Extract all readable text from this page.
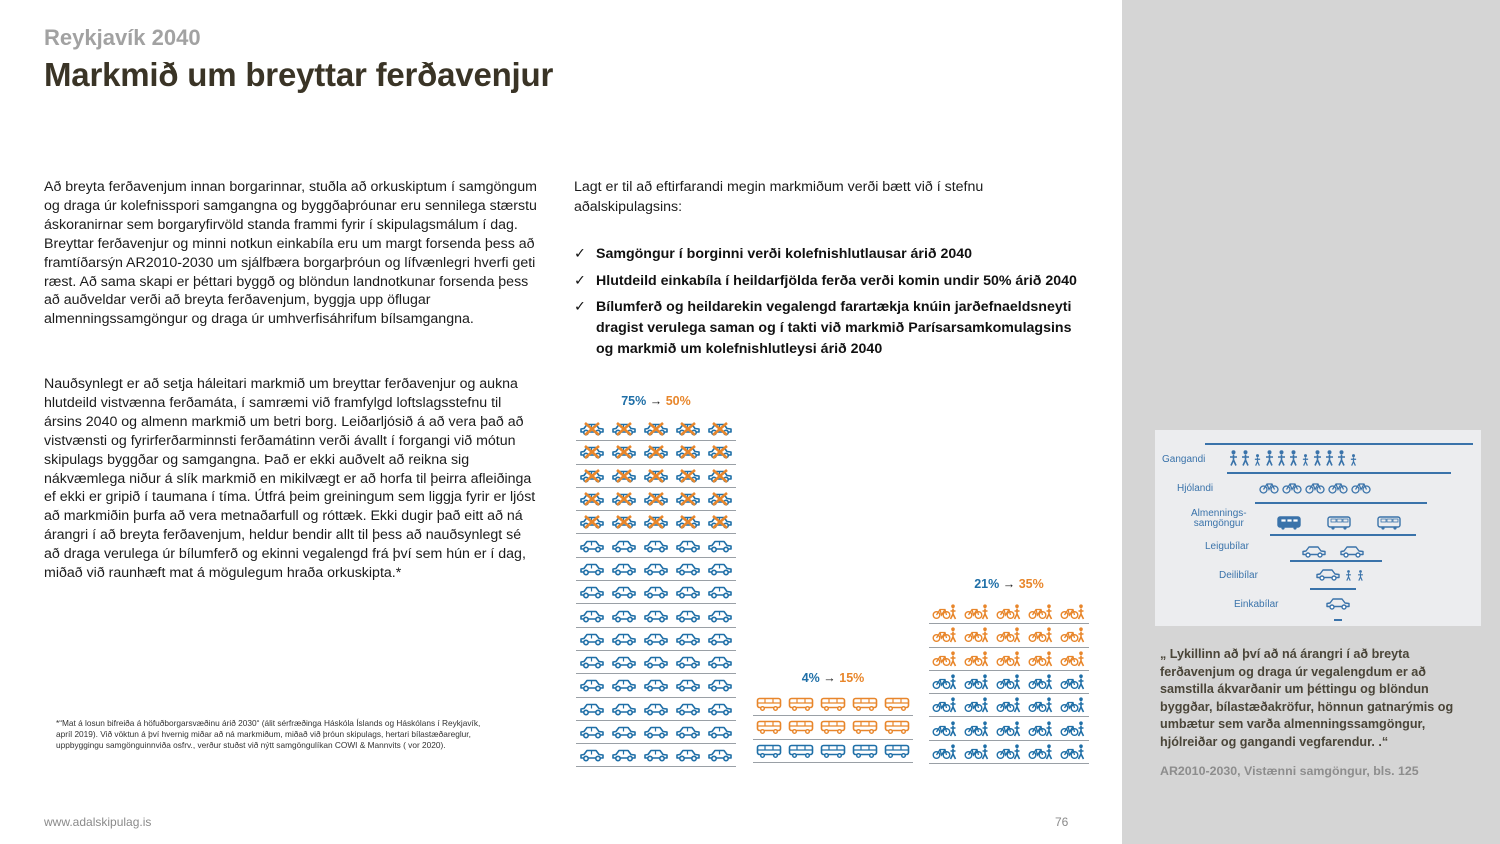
Reykjavík 2040
Markmið um breyttar ferðavenjur

Að breyta ferðavenjum innan borgarinnar, stuðla að orkuskiptum í samgöngum og draga úr kolefnisspori samgangna og byggðaþróunar eru sennilega stærstu áskoranirnar sem borgaryfirvöld standa frammi fyrir í skipulagsmálum í dag. Breyttar ferðavenjur og minni notkun einkabíla eru um margt forsenda þess að framtíðarsýn AR2010-2030 um sjálfbæra borgarþróun og lífvænlegri hverfi geti ræst. Að sama skapi er þéttari byggð og blöndun landnotkunar forsenda þess að auðveldar verði að breyta ferðavenjum, byggja upp öflugar almenningssamgöngur og draga úr umhverfisáhrifum bílsamgangna.

Nauðsynlegt er að setja háleitari markmið um breyttar ferðavenjur og aukna hlutdeild vistvænna ferðamáta, í samræmi við framfylgd loftslagsstefnu til ársins 2040 og almenn markmið um betri borg. Leiðarljósið á að vera það að vistvænsti og fyrirferðarminnsti ferðamátinn verði ávallt í forgangi við mótun skipulags byggðar og samgangna. Það er ekki auðvelt að reikna sig nákvæmlega niður á slík markmið en mikilvægt er að horfa til þeirra afleiðinga ef ekki er gripið í taumana í tíma. Útfrá þeim greiningum sem liggja fyrir er ljóst að markmiðin þurfa að vera metnaðarfull og róttæk. Ekki dugir það eitt að ná árangri í að breyta ferðavenjum, heldur bendir allt til þess að nauðsynlegt sé að draga verulega úr bílumferð og ekinni vegalengd frá því sem hún er í dag, miðað við raunhæft mat á mögulegum hraða orkuskipta.*

*“Mat á losun bifreiða á höfuðborgarsvæðinu árið 2030“ (álit sérfræðinga Háskóla Íslands og Háskólans í Reykjavík, apríl 2019). Við vöktun á því hvernig miðar að ná markmiðum, miðað við þróun skipulags, hertari bílastæðareglur, uppbyggingu samgönguinnviða osfrv., verður stuðst við nýtt samgöngulíkan COWI & Mannvits ( vor 2020).

Lagt er til að eftirfarandi megin markmiðum verði bætt við í stefnu aðalskipulagsins:

✓ Samgöngur í borginni verði kolefnishlutlausar árið 2040
✓ Hlutdeild einkabíla í heildarfjölda ferða verði komin undir 50% árið 2040
✓ Bílumferð og heildarekin vegalengd farartækja knúin jarðefnaeldsneyti dragist verulega saman og í takti við markmið Parísarsamkomulagsins og markmið um kolefnishlutleysi árið 2040
75% → 50%
4% → 15%
21% → 35%
Gangandi
Hjólandi
Almennings-
samgöngur
Leigubílar
Deilibílar
Einkabílar

„ Lykillinn að því að ná árangri í að breyta ferðavenjum og draga úr vegalengdum er að samstilla ákvarðanir um þéttingu og blöndun byggðar, bílastæðakröfur, hönnun gatnarýmis og umbætur sem varða almenningssamgöngur, hjólreiðar og gangandi vegfarendur. .“

AR2010-2030, Vistænni samgöngur, bls. 125
www.adalskipulag.is	76
